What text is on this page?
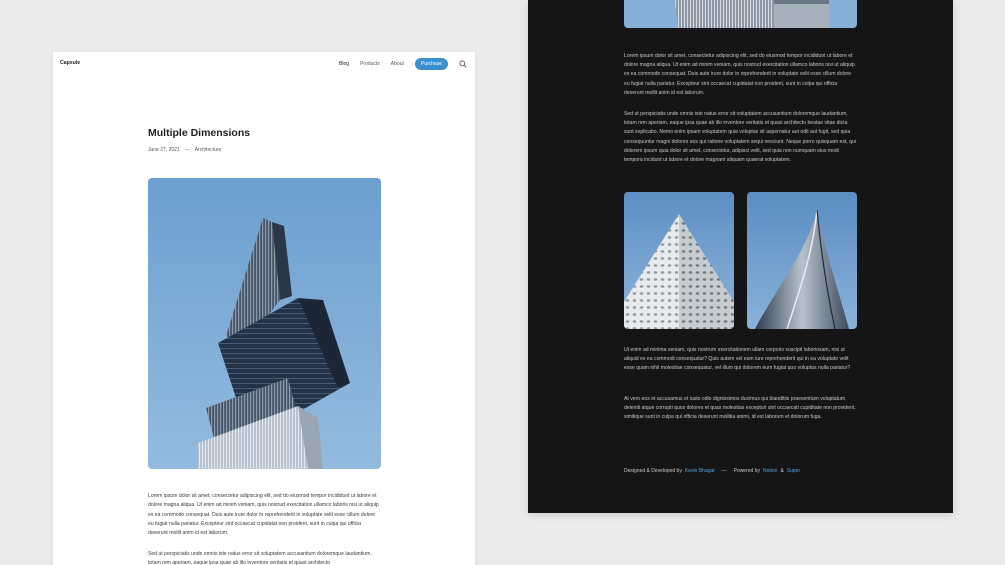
Capsule	Blog Products About	Purchase
Multiple Dimensions
June 27, 2021 — Architecture

Lorem ipsum dolor sit amet, consectetur adipiscing elit, sed do eiusmod tempor incididunt ut labore et dolore magna aliqua. Ut enim ad minim veniam, quis nostrud exercitation ullamco laboris nisi ut aliquip ex ea commodo consequat. Duis aute irure dolor in reprehenderit in voluptate velit esse cillum dolore eu fugiat nulla pariatur. Excepteur sint occaecat cupidatat non proident, sunt in culpa qui officia deserunt mollit anim id est laborum.

Sed ut perspiciatis unde omnis iste natus error sit voluptatem accusantium doloremque laudantium, totam rem aperiam, eaque ipsa quae ab illo inventore veritatis et quasi architecto

Lorem ipsum dolor sit amet, consectetur adipiscing elit, sed do eiusmod tempor incididunt ut labore et dolore magna aliqua. Ut enim ad minim veniam, quis nostrud exercitation ullamco laboris nisi ut aliquip ex ea commodo consequat. Duis aute irure dolor in reprehenderit in voluptate velit esse cillum dolore eu fugiat nulla pariatur. Excepteur sint occaecat cupidatat non proident, sunt in culpa qui officia deserunt mollit anim id est laborum.

Sed ut perspiciatis unde omnis iste natus error sit voluptatem accusantium doloremque laudantium, totam rem aperiam, eaque ipsa quae ab illo inventore veritatis et quasi architecto beatae vitae dicta sunt explicabo. Nemo enim ipsam voluptatem quia voluptas sit aspernatur aut odit aut fugit, sed quia consequuntur magni dolores eos qui ratione voluptatem sequi nesciunt. Neque porro quisquam est, qui dolorem ipsum quia dolor sit amet, consectetur, adipisci velit, sed quia non numquam eius modi tempora incidunt ut labore et dolore magnam aliquam quaerat voluptatem.

Ut enim ad minima veniam, quis nostrum exercitationem ullam corporis suscipit laboriosam, nisi ut aliquid ex ea commodi consequatur? Quis autem vel eum iure reprehenderit qui in ea voluptate velit esse quam nihil molestiae consequatur, vel illum qui dolorem eum fugiat quo voluptas nulla pariatur?

At vero eos et accusamus et iusto odio dignissimos ducimus qui blanditiis praesentium voluptatum deleniti atque corrupti quos dolores et quas molestias excepturi sint occaecati cupiditate non provident, similique sunt in culpa qui officia deserunt mollitia animi, id est laborum et dolorum fuga.

Designed & Developed by Kevin Bhagat — Powered by Notion & Super
